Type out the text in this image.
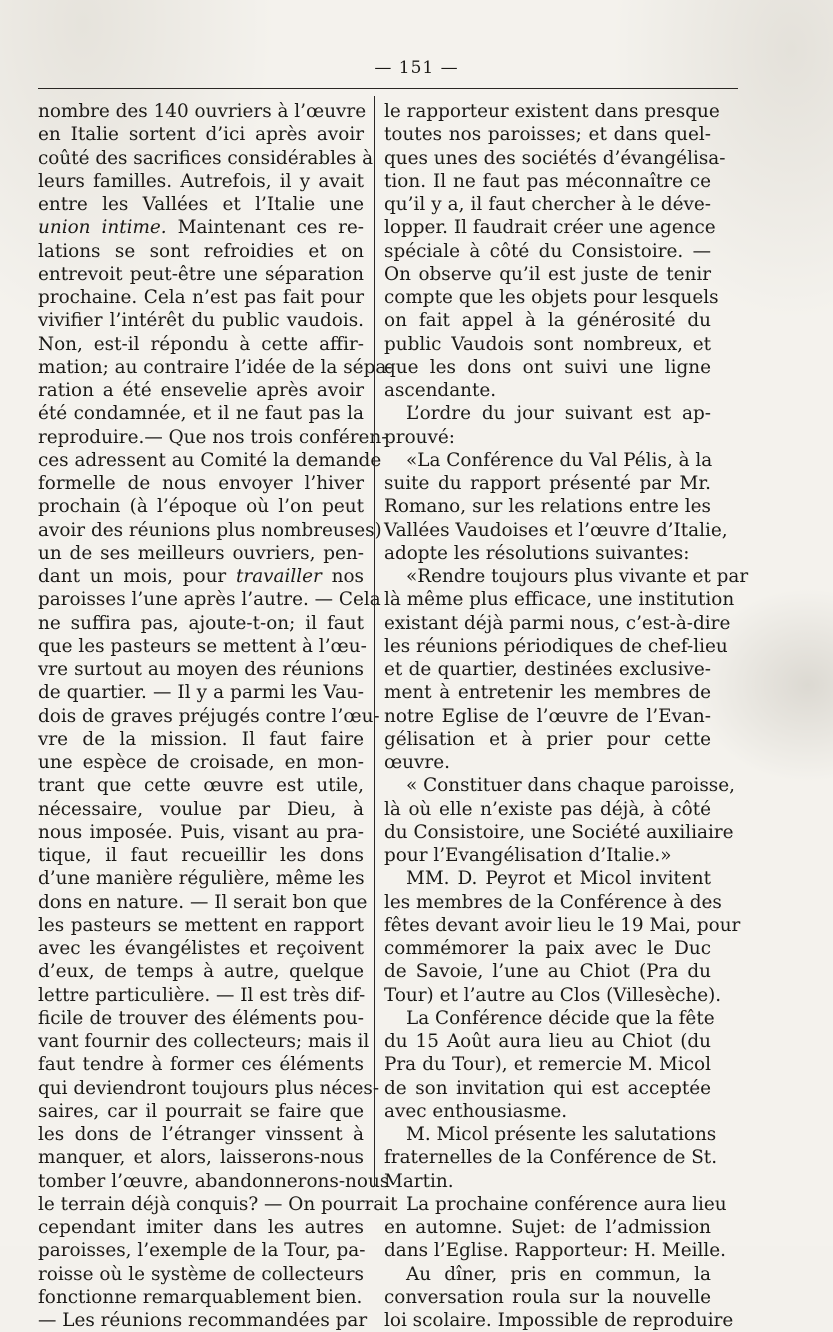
— 151 —
nombre des 140 ouvriers à l’œuvre
en Italie sortent d’ici après avoir
coûté des sacrifices considérables à
leurs familles. Autrefois, il y avait
entre les Vallées et l’Italie une
union intime. Maintenant ces re-
lations se sont refroidies et on
entrevoit peut-être une séparation
prochaine. Cela n’est pas fait pour
vivifier l’intérêt du public vaudois.
Non, est-il répondu à cette affir-
mation; au contraire l’idée de la sépa-
ration a été ensevelie après avoir
été condamnée, et il ne faut pas la
reproduire.— Que nos trois conféren-
ces adressent au Comité la demande
formelle de nous envoyer l’hiver
prochain (à l’époque où l’on peut
avoir des réunions plus nombreuses)
un de ses meilleurs ouvriers, pen-
dant un mois, pour travailler nos
paroisses l’une après l’autre. — Cela
ne suffira pas, ajoute-t-on; il faut
que les pasteurs se mettent à l’œu-
vre surtout au moyen des réunions
de quartier. — Il y a parmi les Vau-
dois de graves préjugés contre l’œu-
vre de la mission. Il faut faire
une espèce de croisade, en mon-
trant que cette œuvre est utile,
nécessaire, voulue par Dieu, à
nous imposée. Puis, visant au pra-
tique, il faut recueillir les dons
d’une manière régulière, même les
dons en nature. — Il serait bon que
les pasteurs se mettent en rapport
avec les évangélistes et reçoivent
d’eux, de temps à autre, quelque
lettre particulière. — Il est très dif-
ficile de trouver des éléments pou-
vant fournir des collecteurs; mais il
faut tendre à former ces éléments
qui deviendront toujours plus néces-
saires, car il pourrait se faire que
les dons de l’étranger vinssent à
manquer, et alors, laisserons-nous
tomber l’œuvre, abandonnerons-nous
le terrain déjà conquis? — On pourrait
cependant imiter dans les autres
paroisses, l’exemple de la Tour, pa-
roisse où le système de collecteurs
fonctionne remarquablement bien.
— Les réunions recommandées par
le rapporteur existent dans presque
toutes nos paroisses; et dans quel-
ques unes des sociétés d’évangélisa-
tion. Il ne faut pas méconnaître ce
qu’il y a, il faut chercher à le déve-
lopper. Il faudrait créer une agence
spéciale à côté du Consistoire. —
On observe qu’il est juste de tenir
compte que les objets pour lesquels
on fait appel à la générosité du
public Vaudois sont nombreux, et
que les dons ont suivi une ligne
ascendante.
L’ordre du jour suivant est ap-
prouvé:
«La Conférence du Val Pélis, à la
suite du rapport présenté par Mr.
Romano, sur les relations entre les
Vallées Vaudoises et l’œuvre d’Italie,
adopte les résolutions suivantes:
«Rendre toujours plus vivante et par
là même plus efficace, une institution
existant déjà parmi nous, c’est-à-dire
les réunions périodiques de chef-lieu
et de quartier, destinées exclusive-
ment à entretenir les membres de
notre Eglise de l’œuvre de l’Evan-
gélisation et à prier pour cette
œuvre.
« Constituer dans chaque paroisse,
là où elle n’existe pas déjà, à côté
du Consistoire, une Société auxiliaire
pour l’Evangélisation d’Italie.»
MM. D. Peyrot et Micol invitent
les membres de la Conférence à des
fêtes devant avoir lieu le 19 Mai, pour
commémorer la paix avec le Duc
de Savoie, l’une au Chiot (Pra du
Tour) et l’autre au Clos (Villesèche).
La Conférence décide que la fête
du 15 Août aura lieu au Chiot (du
Pra du Tour), et remercie M. Micol
de son invitation qui est acceptée
avec enthousiasme.
M. Micol présente les salutations
fraternelles de la Conférence de St.
Martin.
La prochaine conférence aura lieu
en automne. Sujet: de l’admission
dans l’Eglise. Rapporteur: H. Meille.
Au dîner, pris en commun, la
conversation roula sur la nouvelle
loi scolaire. Impossible de reproduire
